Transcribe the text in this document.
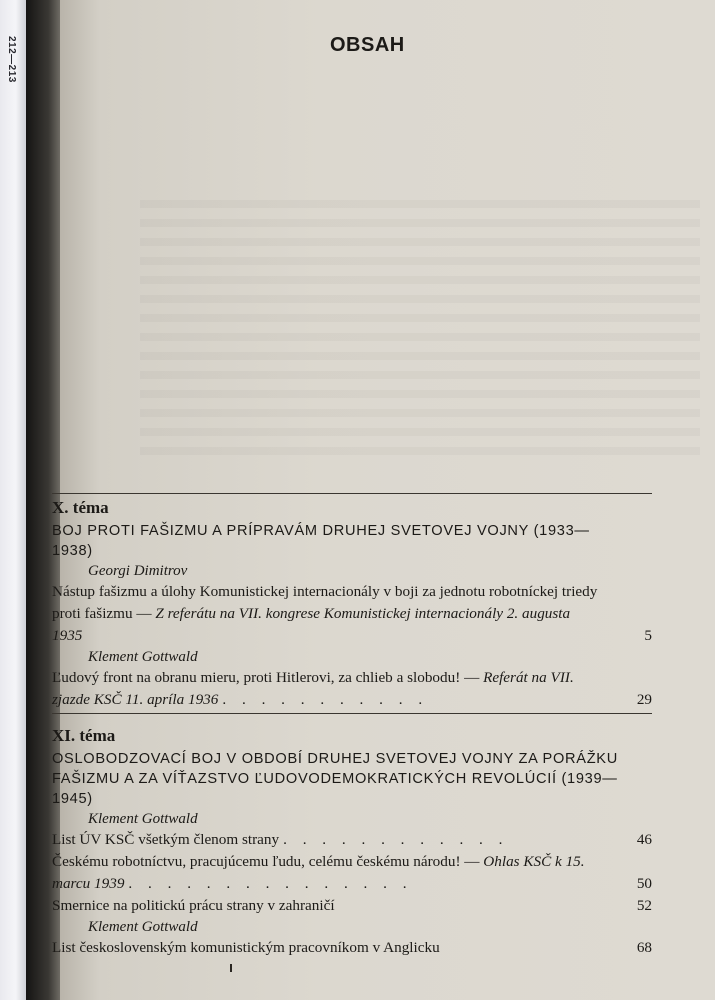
212—213	OBSAH
X. téma
BOJ PROTI FAŠIZMU A PRÍPRAVÁM DRUHEJ SVETOVEJ VOJNY (1933—1938)
Georgi Dimitrov
Nástup fašizmu a úlohy Komunistickej internacionály v boji za jednotu robotníckej triedy proti fašizmu — Z referátu na VII. kongrese Komunistickej internacionály 2. augusta 1935	5
Klement Gottwald
Ľudový front na obranu mieru, proti Hitlerovi, za chlieb a slobodu! — Referát na VII. zjazde KSČ 11. apríla 1936 . . . . . . . . . . .	29
XI. téma
OSLOBODZOVACÍ BOJ V OBDOBÍ DRUHEJ SVETOVEJ VOJNY ZA PORÁŽKU FAŠIZMU A ZA VÍŤAZSTVO ĽUDOVODEMOKRATICKÝCH REVOLÚCIÍ (1939—1945)
Klement Gottwald
List ÚV KSČ všetkým členom strany . . . . . . . . . . . .	46
Českému robotníctvu, pracujúcemu ľudu, celému českému národu! — Ohlas KSČ k 15. marcu 1939 . . . . . . . . . . . . . . .	50
Smernice na politickú prácu strany v zahraničí	52
Klement Gottwald
List československým komunistickým pracovníkom v Anglicku	68
